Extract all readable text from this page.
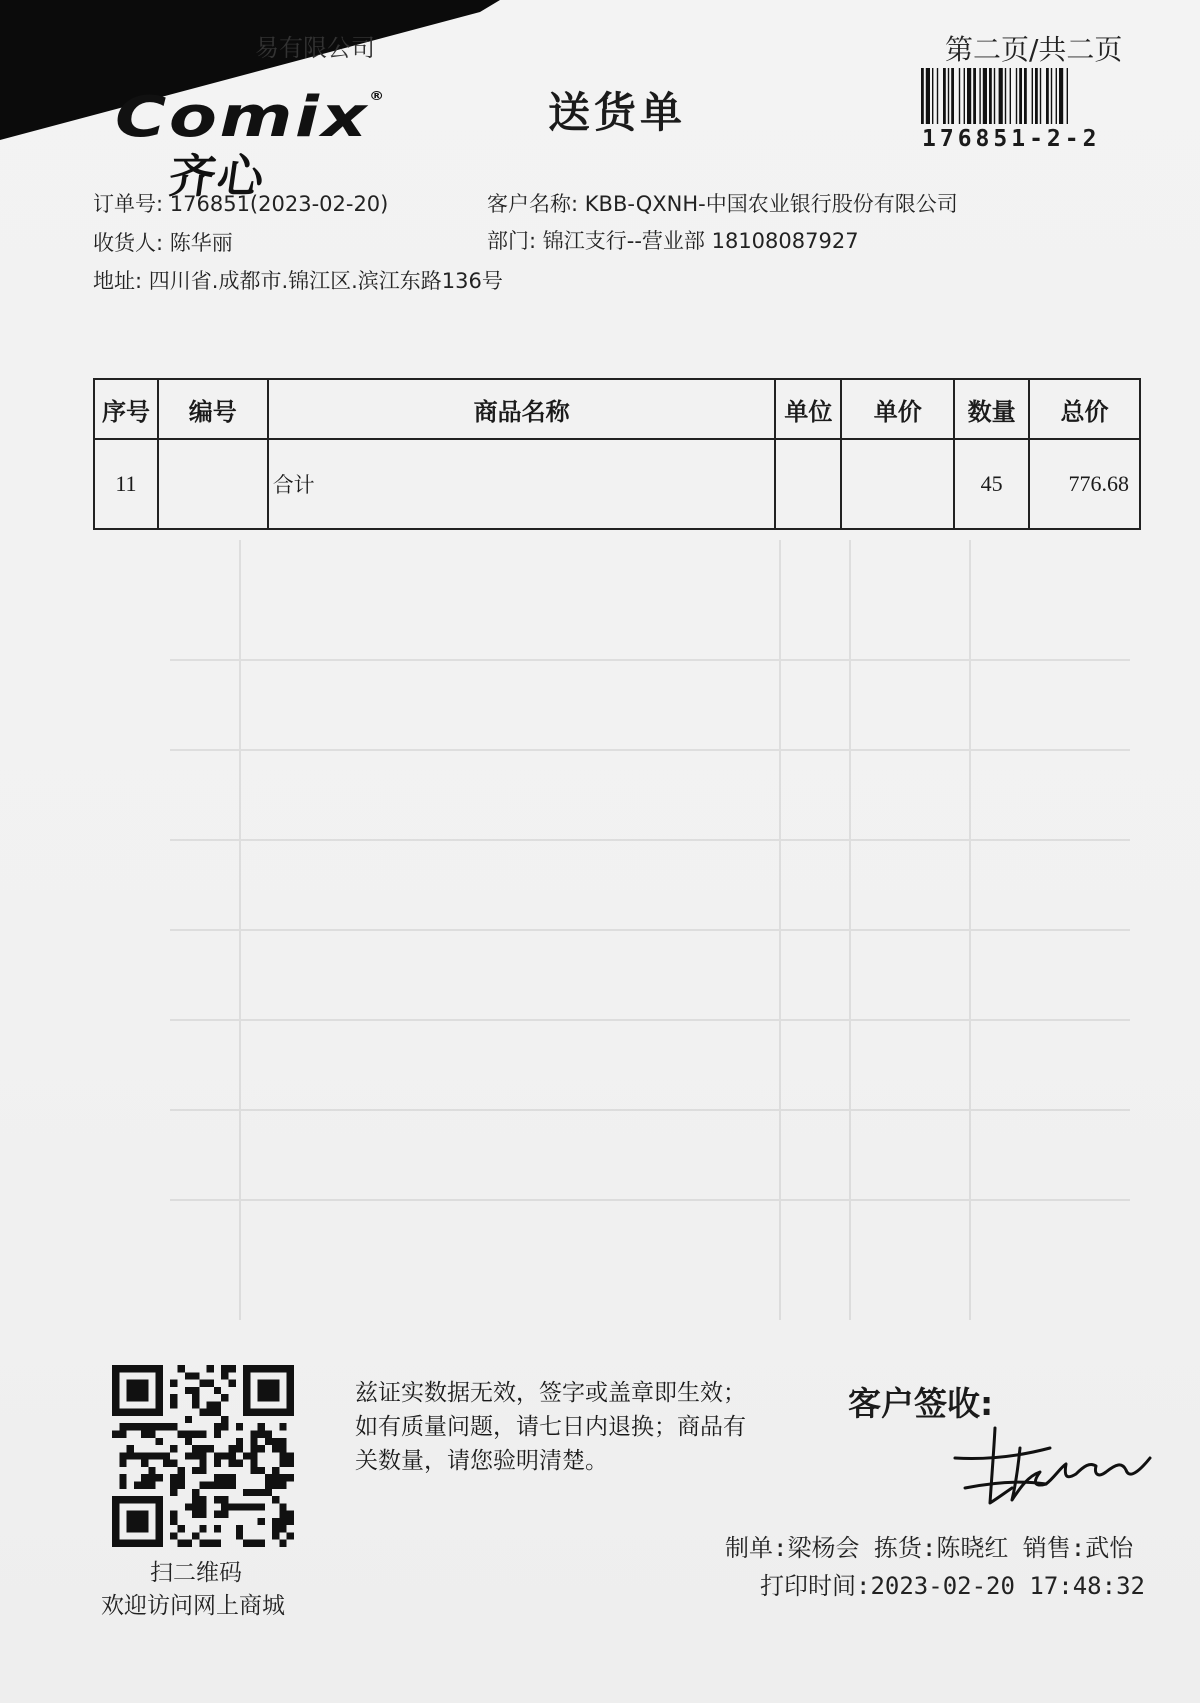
易有限公司
Comix®
齐心
送货单
第二页/共二页
176851-2-2
订单号: 176851(2023-02-20)	客户名称: KBB-QXNH-中国农业银行股份有限公司
收货人: 陈华丽	部门: 锦江支行--营业部 18108087927
地址: 四川省.成都市.锦江区.滨江东路136号
序号	编号	商品名称	单位	单价	数量	总价
11		合计			45	776.68
扫二维码
欢迎访问网上商城
兹证实数据无效，签字或盖章即生效；如有质量问题，请七日内退换；商品有关数量，请您验明清楚。
客户签收:
制单:梁杨会 拣货:陈晓红 销售:武怡
打印时间:2023-02-20 17:48:32
